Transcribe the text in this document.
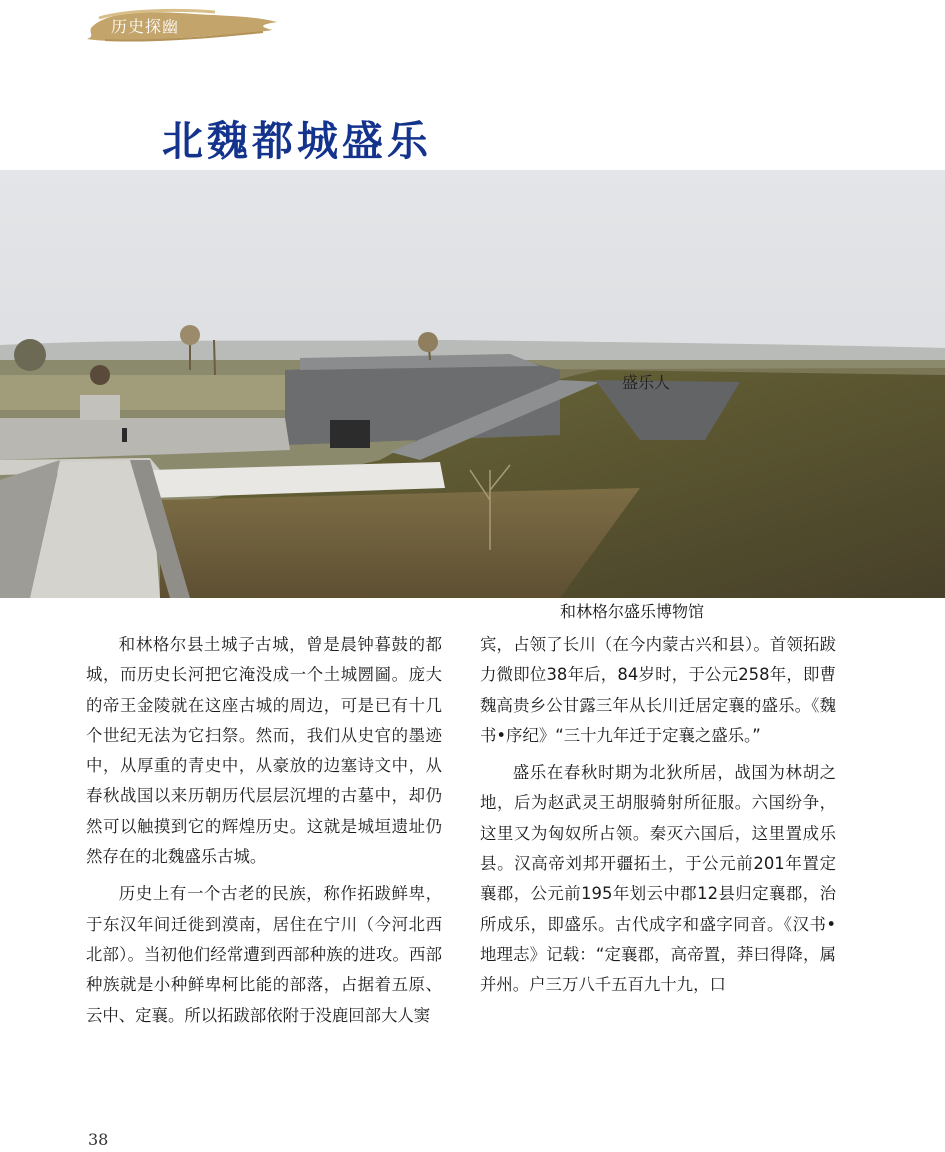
历史探幽
北魏都城盛乐
盛乐人
和林格尔盛乐博物馆

和林格尔县土城子古城，曾是晨钟暮鼓的都城，而历史长河把它淹没成一个土城圐圙。庞大的帝王金陵就在这座古城的周边，可是已有十几个世纪无法为它扫祭。然而，我们从史官的墨迹中，从厚重的青史中，从豪放的边塞诗文中，从春秋战国以来历朝历代层层沉埋的古墓中，却仍然可以触摸到它的辉煌历史。这就是城垣遗址仍然存在的北魏盛乐古城。

历史上有一个古老的民族，称作拓跋鲜卑，于东汉年间迁徙到漠南，居住在宁川（今河北西北部）。当初他们经常遭到西部种族的进攻。西部种族就是小种鲜卑柯比能的部落，占据着五原、云中、定襄。所以拓跋部依附于没鹿回部大人窦

宾，占领了长川（在今内蒙古兴和县）。首领拓跋力微即位38年后，84岁时，于公元258年，即曹魏高贵乡公甘露三年从长川迁居定襄的盛乐。《魏书•序纪》“三十九年迁于定襄之盛乐。”

盛乐在春秋时期为北狄所居，战国为林胡之地，后为赵武灵王胡服骑射所征服。六国纷争，这里又为匈奴所占领。秦灭六国后，这里置成乐县。汉高帝刘邦开疆拓土，于公元前201年置定襄郡，公元前195年划云中郡12县归定襄郡，治所成乐，即盛乐。古代成字和盛字同音。《汉书•地理志》记载：“定襄郡，高帝置，莽曰得降，属并州。户三万八千五百九十九，口

38
